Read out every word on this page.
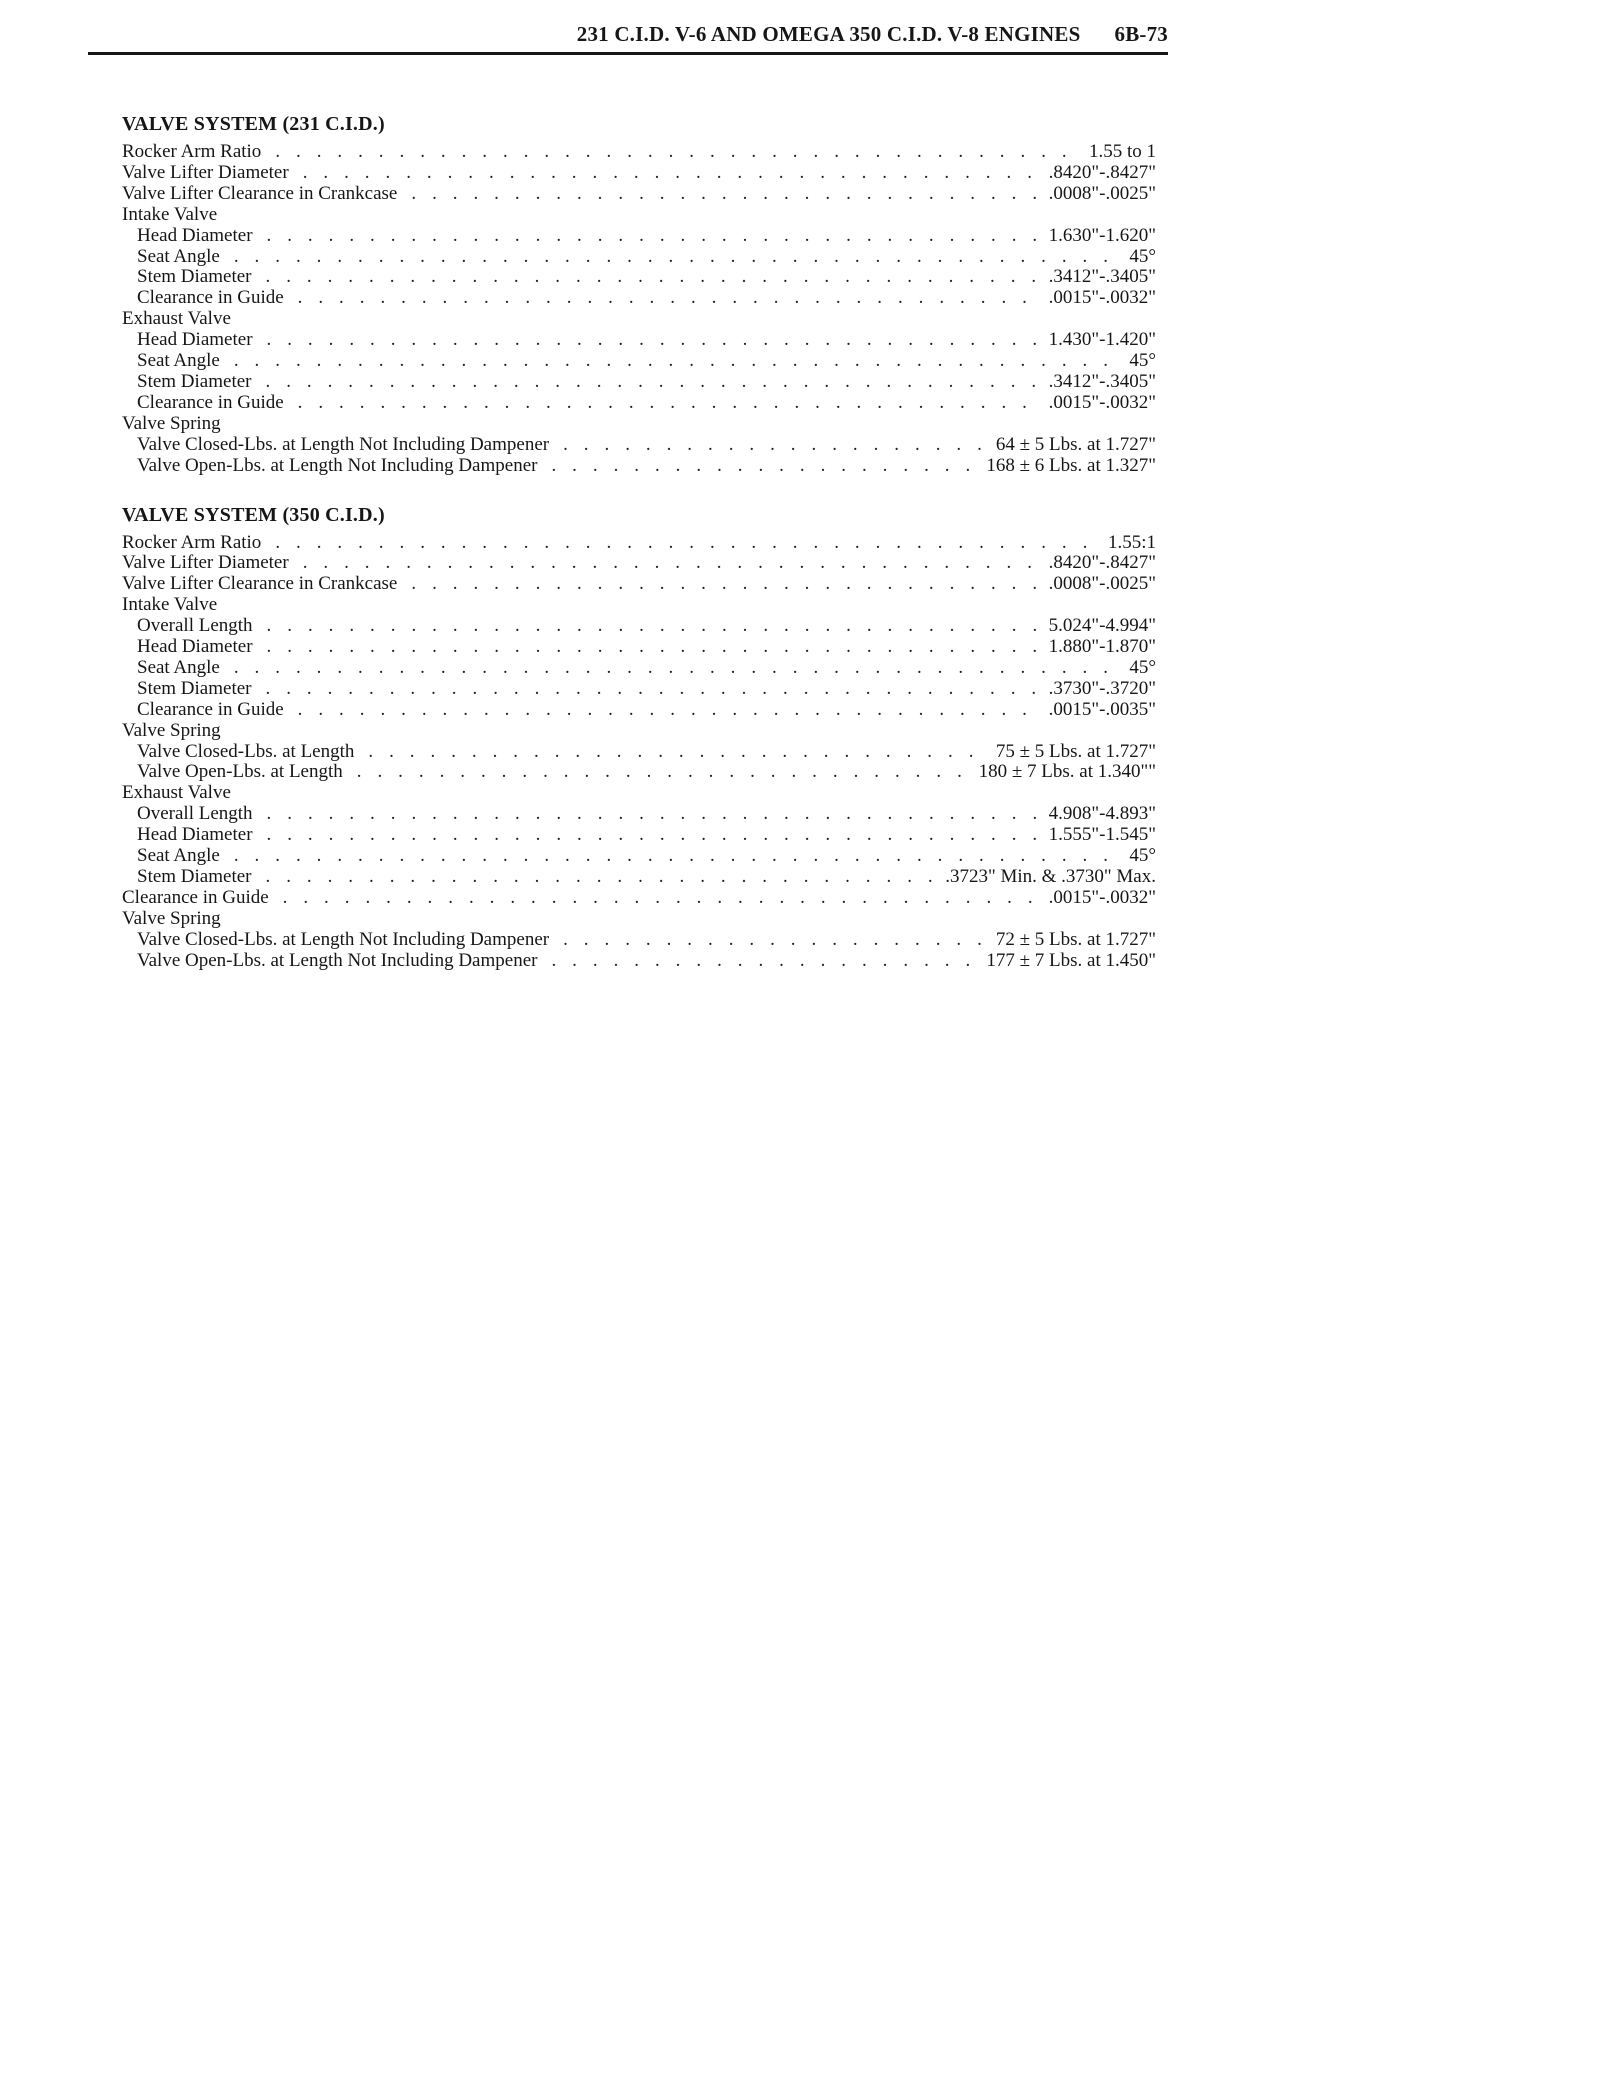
231 C.I.D. V-6 AND OMEGA 350 C.I.D. V-8 ENGINES 6B-73
VALVE SYSTEM (231 C.I.D.)
Rocker Arm Ratio . . .	1.55 to 1
Valve Lifter Diameter . . .	.8420"-.8427"
Valve Lifter Clearance in Crankcase . . .	.0008"-.0025"
Intake Valve
Head Diameter . . .	1.630"-1.620"
Seat Angle . . .	45°
Stem Diameter . . .	.3412"-.3405"
Clearance in Guide . . .	.0015"-.0032"
Exhaust Valve
Head Diameter . . .	1.430"-1.420"
Seat Angle . . .	45°
Stem Diameter . . .	.3412"-.3405"
Clearance in Guide . . .	.0015"-.0032"
Valve Spring
Valve Closed-Lbs. at Length Not Including Dampener . . .	64 ± 5 Lbs. at 1.727"
Valve Open-Lbs. at Length Not Including Dampener . . .	168 ± 6 Lbs. at 1.327"
VALVE SYSTEM (350 C.I.D.)
Rocker Arm Ratio . . .	1.55:1
Valve Lifter Diameter . . .	.8420"-.8427"
Valve Lifter Clearance in Crankcase . . .	.0008"-.0025"
Intake Valve
Overall Length . . .	5.024"-4.994"
Head Diameter . . .	1.880"-1.870"
Seat Angle . . .	45°
Stem Diameter . . .	.3730"-.3720"
Clearance in Guide . . .	.0015"-.0035"
Valve Spring
Valve Closed-Lbs. at Length . . .	75 ± 5 Lbs. at 1.727"
Valve Open-Lbs. at Length . . .	180 ± 7 Lbs. at 1.340""
Exhaust Valve
Overall Length . . .	4.908"-4.893"
Head Diameter . . .	1.555"-1.545"
Seat Angle . . .	45°
Stem Diameter . . .	.3723" Min. & .3730" Max.
Clearance in Guide . . .	.0015"-.0032"
Valve Spring
Valve Closed-Lbs. at Length Not Including Dampener . . .	72 ± 5 Lbs. at 1.727"
Valve Open-Lbs. at Length Not Including Dampener . . .	177 ± 7 Lbs. at 1.450"
